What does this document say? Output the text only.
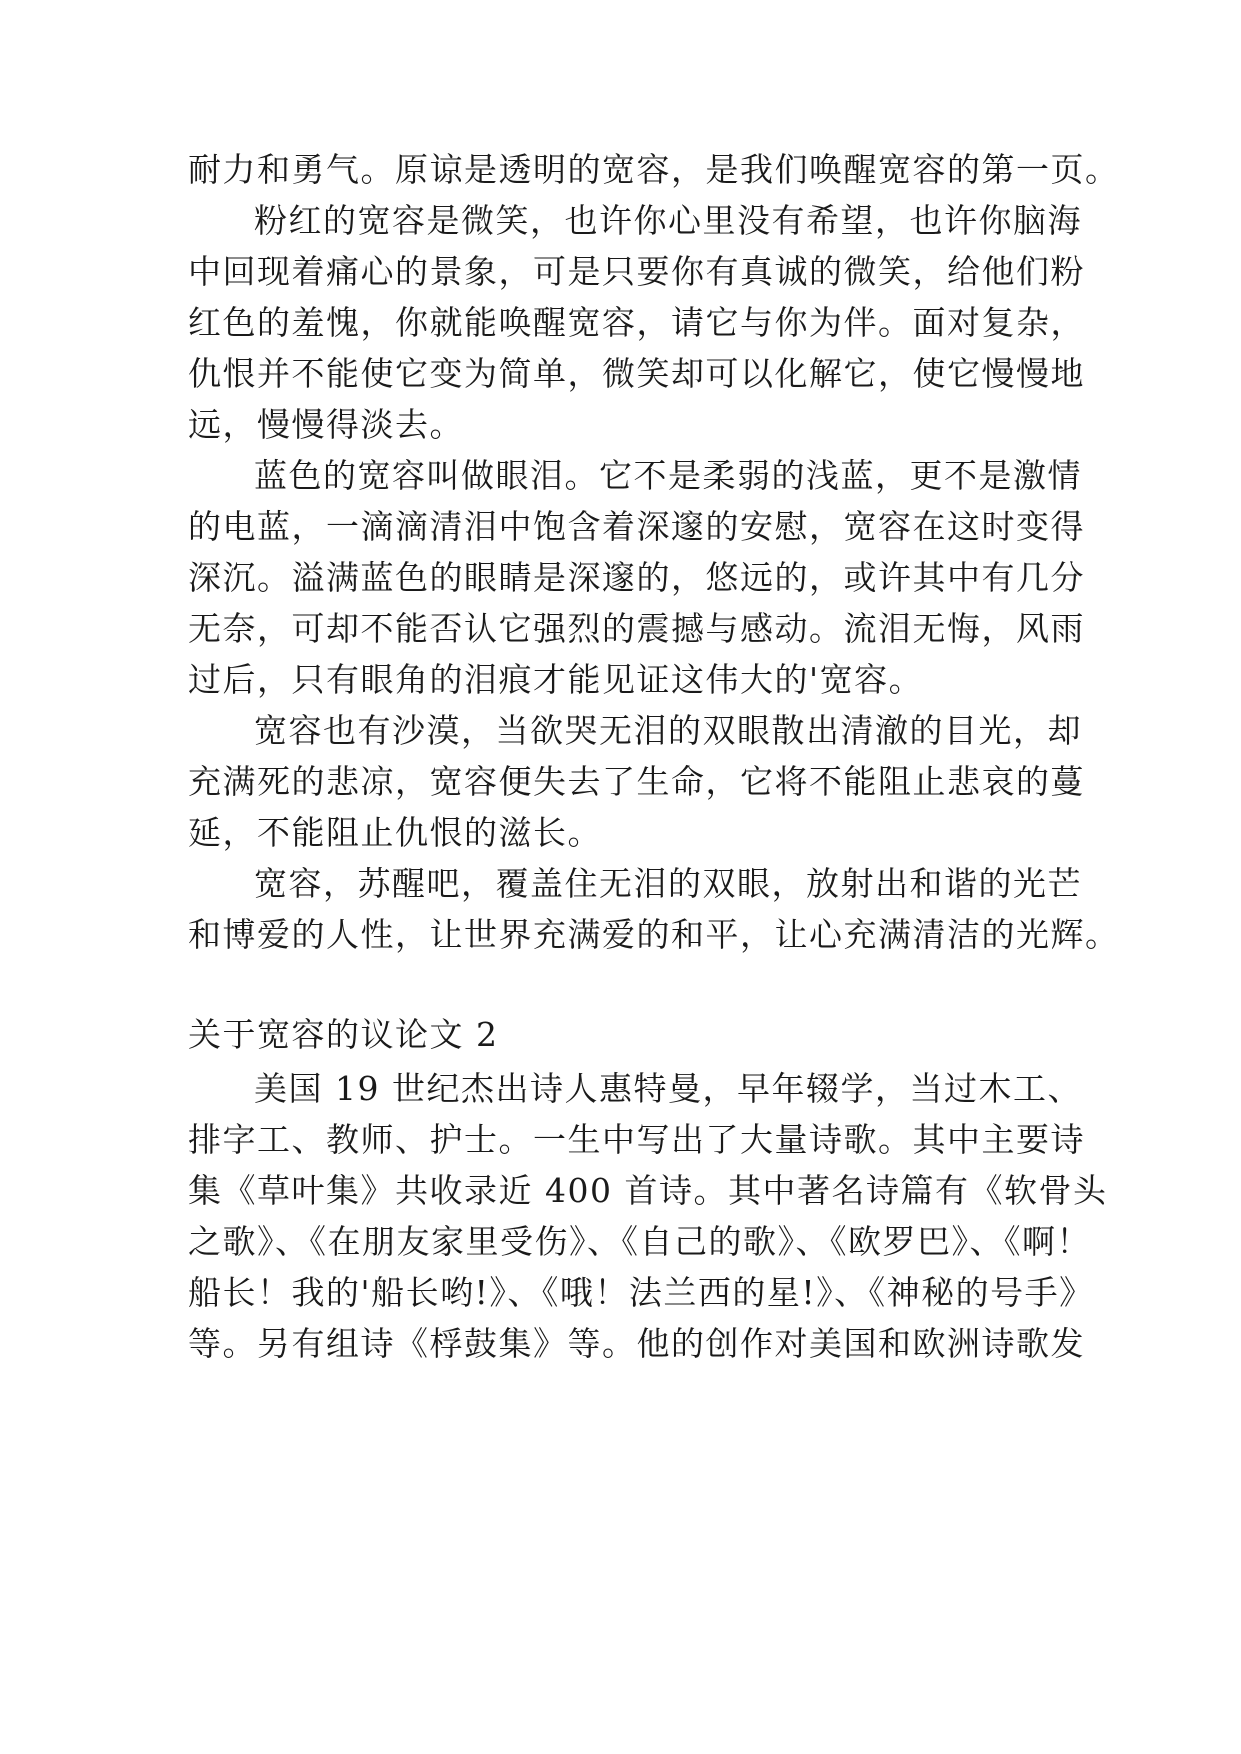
耐力和勇气。原谅是透明的宽容，是我们唤醒宽容的第一页。
粉红的宽容是微笑，也许你心里没有希望，也许你脑海
中回现着痛心的景象，可是只要你有真诚的微笑，给他们粉
红色的羞愧，你就能唤醒宽容，请它与你为伴。面对复杂，
仇恨并不能使它变为简单，微笑却可以化解它，使它慢慢地
远，慢慢得淡去。
蓝色的宽容叫做眼泪。它不是柔弱的浅蓝，更不是激情
的电蓝，一滴滴清泪中饱含着深邃的安慰，宽容在这时变得
深沉。溢满蓝色的眼睛是深邃的，悠远的，或许其中有几分
无奈，可却不能否认它强烈的震撼与感动。流泪无悔，风雨
过后，只有眼角的泪痕才能见证这伟大的'宽容。
宽容也有沙漠，当欲哭无泪的双眼散出清澈的目光，却
充满死的悲凉，宽容便失去了生命，它将不能阻止悲哀的蔓
延，不能阻止仇恨的滋长。
宽容，苏醒吧，覆盖住无泪的双眼，放射出和谐的光芒
和博爱的人性，让世界充满爱的和平，让心充满清洁的光辉。
关于宽容的议论文 2
美国 19 世纪杰出诗人惠特曼，早年辍学，当过木工、
排字工、教师、护士。一生中写出了大量诗歌。其中主要诗
集《草叶集》共收录近 400 首诗。其中著名诗篇有《软骨头
之歌》、《在朋友家里受伤》、《自己的歌》、《欧罗巴》、《啊！
船长！我的'船长哟!》、《哦！法兰西的星!》、《神秘的号手》
等。另有组诗《桴鼓集》等。他的创作对美国和欧洲诗歌发
